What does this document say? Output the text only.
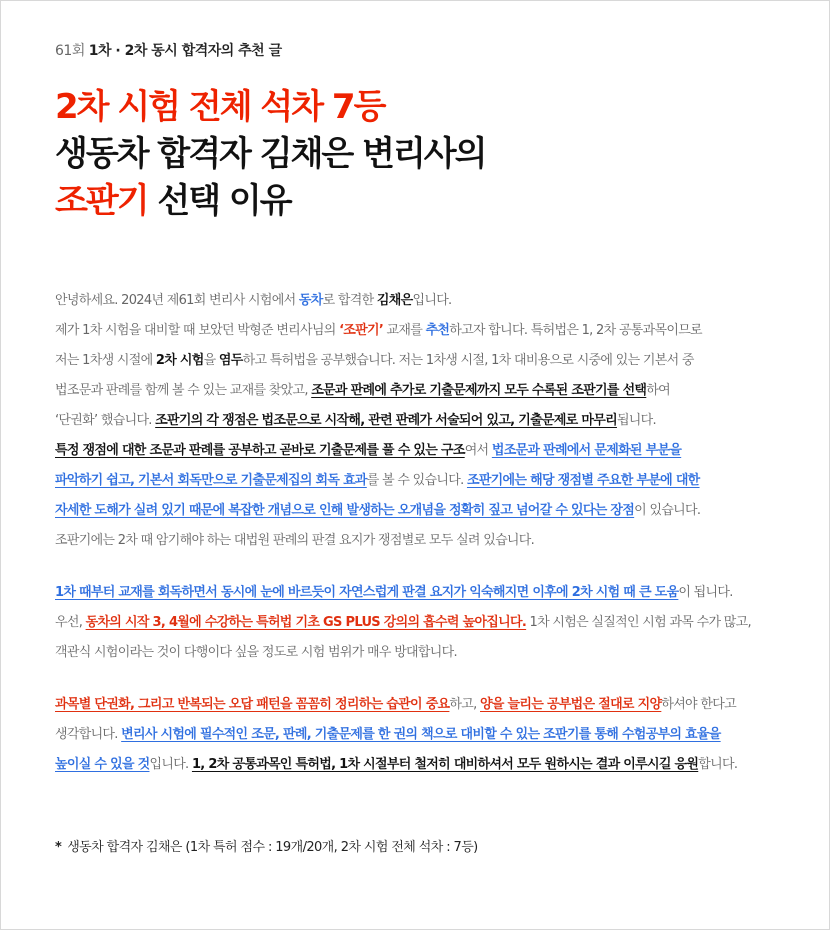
61회 1차 · 2차 동시 합격자의 추천 글
2차 시험 전체 석차 7등
생동차 합격자 김채은 변리사의
조판기 선택 이유

안녕하세요. 2024년 제61회 변리사 시험에서 동차로 합격한 김채은입니다.
제가 1차 시험을 대비할 때 보았던 박형준 변리사님의 ‘조판기’ 교재를 추천하고자 합니다. 특허법은 1, 2차 공통과목이므로
저는 1차생 시절에 2차 시험을 염두하고 특허법을 공부했습니다. 저는 1차생 시절, 1차 대비용으로 시중에 있는 기본서 중
법조문과 판례를 함께 볼 수 있는 교재를 찾았고, 조문과 판례에 추가로 기출문제까지 모두 수록된 조판기를 선택하여
‘단권화’ 했습니다. 조판기의 각 쟁점은 법조문으로 시작해, 관련 판례가 서술되어 있고, 기출문제로 마무리됩니다.
특정 쟁점에 대한 조문과 판례를 공부하고 곧바로 기출문제를 풀 수 있는 구조여서 법조문과 판례에서 문제화된 부분을
파악하기 쉽고, 기본서 회독만으로 기출문제집의 회독 효과를 볼 수 있습니다. 조판기에는 해당 쟁점별 주요한 부분에 대한
자세한 도해가 실려 있기 때문에 복잡한 개념으로 인해 발생하는 오개념을 정확히 짚고 넘어갈 수 있다는 장점이 있습니다.
조판기에는 2차 때 암기해야 하는 대법원 판례의 판결 요지가 쟁점별로 모두 실려 있습니다.

1차 때부터 교재를 회독하면서 동시에 눈에 바르듯이 자연스럽게 판결 요지가 익숙해지면 이후에 2차 시험 때 큰 도움이 됩니다.
우선, 동차의 시작 3, 4월에 수강하는 특허법 기초 GS PLUS 강의의 흡수력 높아집니다. 1차 시험은 실질적인 시험 과목 수가 많고,
객관식 시험이라는 것이 다행이다 싶을 정도로 시험 범위가 매우 방대합니다.

과목별 단권화, 그리고 반복되는 오답 패턴을 꼼꼼히 정리하는 습관이 중요하고, 양을 늘리는 공부법은 절대로 지양하셔야 한다고
생각합니다. 변리사 시험에 필수적인 조문, 판례, 기출문제를 한 권의 책으로 대비할 수 있는 조판기를 통해 수험공부의 효율을
높이실 수 있을 것입니다. 1, 2차 공통과목인 특허법, 1차 시절부터 철저히 대비하셔서 모두 원하시는 결과 이루시길 응원합니다.

* 생동차 합격자 김채은 (1차 특허 점수 : 19개/20개, 2차 시험 전체 석차 : 7등)
